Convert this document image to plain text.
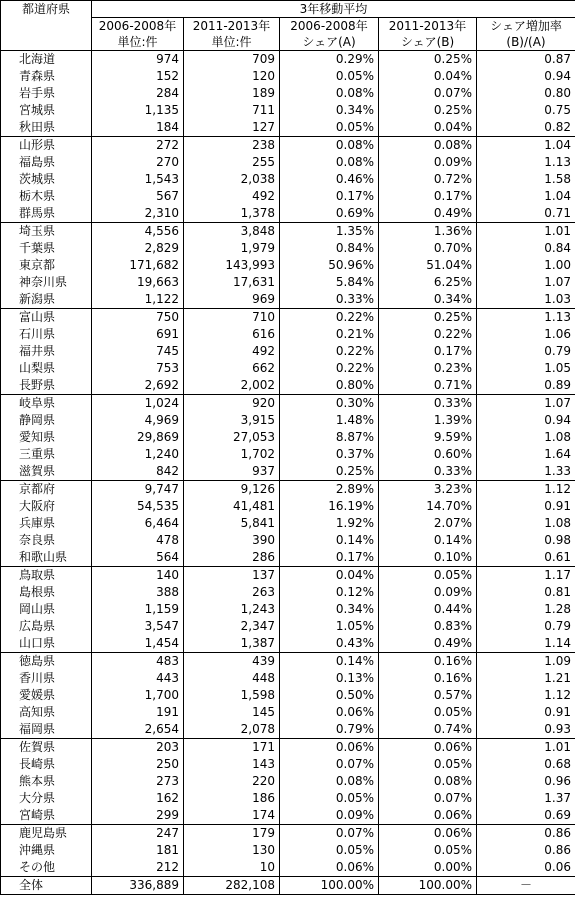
都道府県	3年移動平均				
	2006-2008年	2011-2013年	2006-2008年	2011-2013年	シェア増加率
	単位:件	単位:件	シェア(A)	シェア(B)	(B)/(A)
北海道	974	709	0.29%	0.25%	0.87
青森県	152	120	0.05%	0.04%	0.94
岩手県	284	189	0.08%	0.07%	0.80
宮城県	1,135	711	0.34%	0.25%	0.75
秋田県	184	127	0.05%	0.04%	0.82
山形県	272	238	0.08%	0.08%	1.04
福島県	270	255	0.08%	0.09%	1.13
茨城県	1,543	2,038	0.46%	0.72%	1.58
栃木県	567	492	0.17%	0.17%	1.04
群馬県	2,310	1,378	0.69%	0.49%	0.71
埼玉県	4,556	3,848	1.35%	1.36%	1.01
千葉県	2,829	1,979	0.84%	0.70%	0.84
東京都	171,682	143,993	50.96%	51.04%	1.00
神奈川県	19,663	17,631	5.84%	6.25%	1.07
新潟県	1,122	969	0.33%	0.34%	1.03
富山県	750	710	0.22%	0.25%	1.13
石川県	691	616	0.21%	0.22%	1.06
福井県	745	492	0.22%	0.17%	0.79
山梨県	753	662	0.22%	0.23%	1.05
長野県	2,692	2,002	0.80%	0.71%	0.89
岐阜県	1,024	920	0.30%	0.33%	1.07
静岡県	4,969	3,915	1.48%	1.39%	0.94
愛知県	29,869	27,053	8.87%	9.59%	1.08
三重県	1,240	1,702	0.37%	0.60%	1.64
滋賀県	842	937	0.25%	0.33%	1.33
京都府	9,747	9,126	2.89%	3.23%	1.12
大阪府	54,535	41,481	16.19%	14.70%	0.91
兵庫県	6,464	5,841	1.92%	2.07%	1.08
奈良県	478	390	0.14%	0.14%	0.98
和歌山県	564	286	0.17%	0.10%	0.61
鳥取県	140	137	0.04%	0.05%	1.17
島根県	388	263	0.12%	0.09%	0.81
岡山県	1,159	1,243	0.34%	0.44%	1.28
広島県	3,547	2,347	1.05%	0.83%	0.79
山口県	1,454	1,387	0.43%	0.49%	1.14
徳島県	483	439	0.14%	0.16%	1.09
香川県	443	448	0.13%	0.16%	1.21
愛媛県	1,700	1,598	0.50%	0.57%	1.12
高知県	191	145	0.06%	0.05%	0.91
福岡県	2,654	2,078	0.79%	0.74%	0.93
佐賀県	203	171	0.06%	0.06%	1.01
長崎県	250	143	0.07%	0.05%	0.68
熊本県	273	220	0.08%	0.08%	0.96
大分県	162	186	0.05%	0.07%	1.37
宮崎県	299	174	0.09%	0.06%	0.69
鹿児島県	247	179	0.07%	0.06%	0.86
沖縄県	181	130	0.05%	0.05%	0.86
その他	212	10	0.06%	0.00%	0.06
全体	336,889	282,108	100.00%	100.00%	－
